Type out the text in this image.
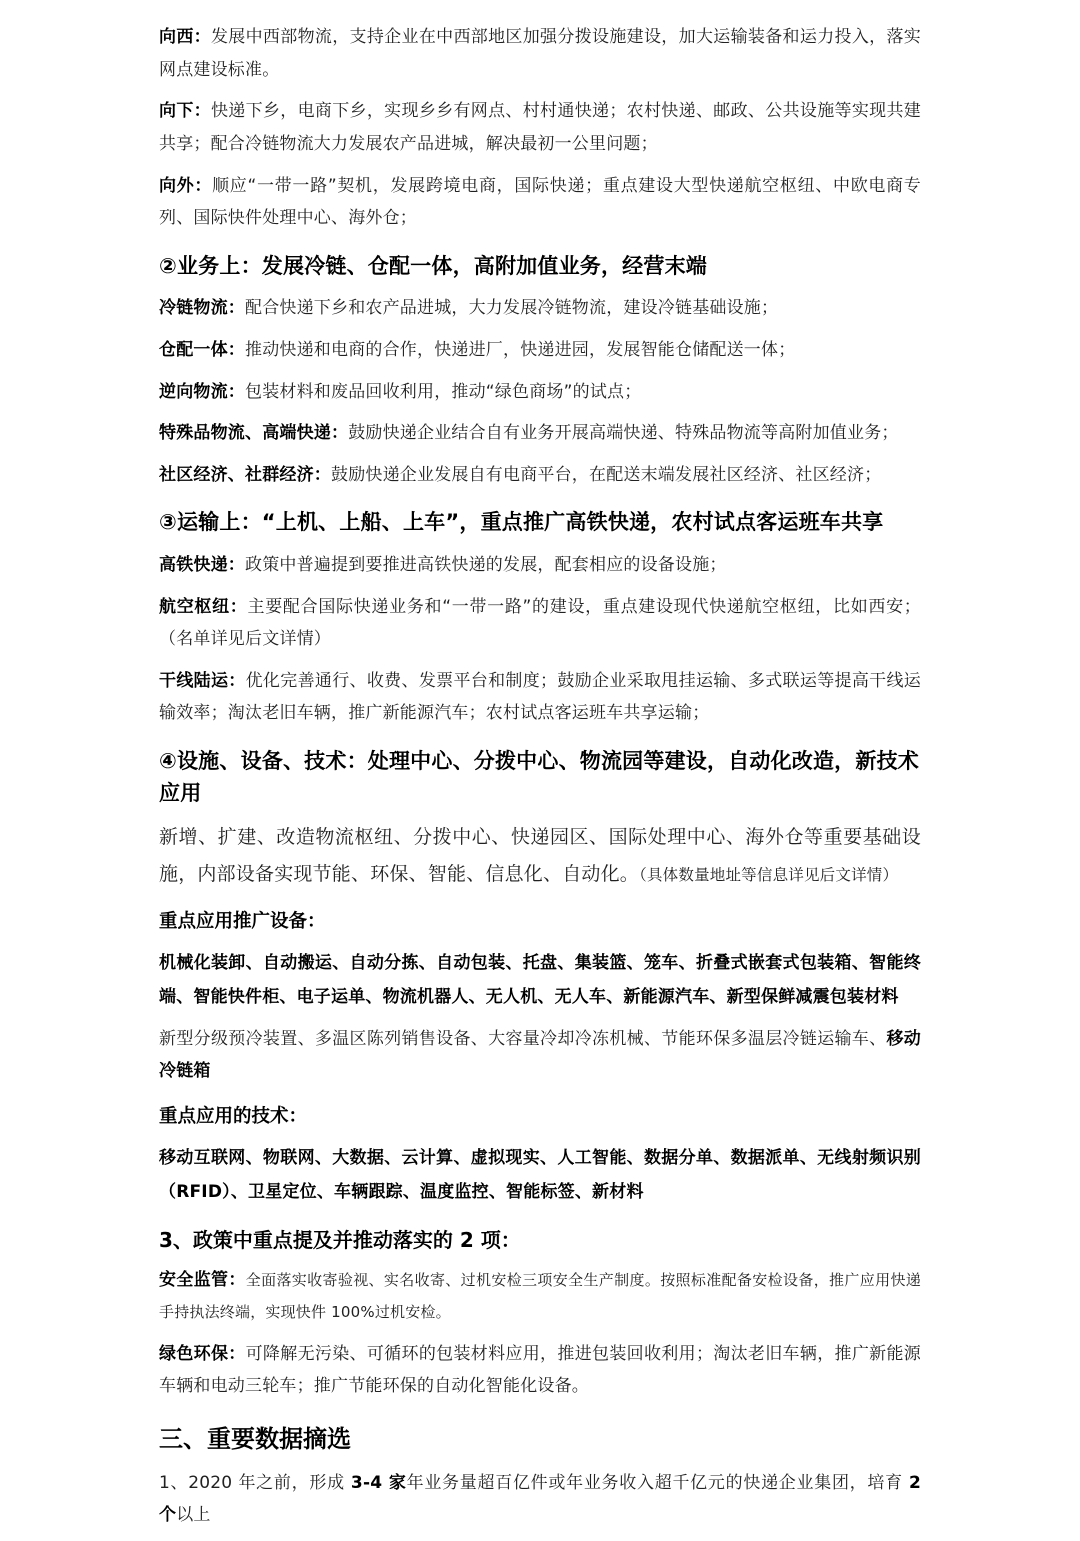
向西：发展中西部物流，支持企业在中西部地区加强分拨设施建设，加大运输装备和运力投入，落实网点建设标准。

向下：快递下乡，电商下乡，实现乡乡有网点、村村通快递；农村快递、邮政、公共设施等实现共建共享；配合冷链物流大力发展农产品进城，解决最初一公里问题；

向外：顺应“一带一路”契机，发展跨境电商，国际快递；重点建设大型快递航空枢纽、中欧电商专列、国际快件处理中心、海外仓；

②业务上：发展冷链、仓配一体，高附加值业务，经营末端

冷链物流：配合快递下乡和农产品进城，大力发展冷链物流，建设冷链基础设施；

仓配一体：推动快递和电商的合作，快递进厂，快递进园，发展智能仓储配送一体；

逆向物流：包装材料和废品回收利用，推动“绿色商场”的试点；

特殊品物流、高端快递：鼓励快递企业结合自有业务开展高端快递、特殊品物流等高附加值业务；

社区经济、社群经济：鼓励快递企业发展自有电商平台，在配送末端发展社区经济、社区经济；

③运输上：“上机、上船、上车”，重点推广高铁快递，农村试点客运班车共享

高铁快递：政策中普遍提到要推进高铁快递的发展，配套相应的设备设施；

航空枢纽：主要配合国际快递业务和“一带一路”的建设，重点建设现代快递航空枢纽，比如西安；（名单详见后文详情）

干线陆运：优化完善通行、收费、发票平台和制度；鼓励企业采取甩挂运输、多式联运等提高干线运输效率；淘汰老旧车辆，推广新能源汽车；农村试点客运班车共享运输；

④设施、设备、技术：处理中心、分拨中心、物流园等建设，自动化改造，新技术应用

新增、扩建、改造物流枢纽、分拨中心、快递园区、国际处理中心、海外仓等重要基础设施，内部设备实现节能、环保、智能、信息化、自动化。（具体数量地址等信息详见后文详情）

重点应用推广设备：

机械化装卸、自动搬运、自动分拣、自动包装、托盘、集装篮、笼车、折叠式嵌套式包装箱、智能终端、智能快件柜、电子运单、物流机器人、无人机、无人车、新能源汽车、新型保鲜减震包装材料

新型分级预冷装置、多温区陈列销售设备、大容量冷却冷冻机械、节能环保多温层冷链运输车、移动冷链箱

重点应用的技术：

移动互联网、物联网、大数据、云计算、虚拟现实、人工智能、数据分单、数据派单、无线射频识别（RFID）、卫星定位、车辆跟踪、温度监控、智能标签、新材料

3、政策中重点提及并推动落实的 2 项：

安全监管：全面落实收寄验视、实名收寄、过机安检三项安全生产制度。按照标准配备安检设备，推广应用快递手持执法终端，实现快件 100%过机安检。

绿色环保：可降解无污染、可循环的包装材料应用，推进包装回收利用；淘汰老旧车辆，推广新能源车辆和电动三轮车；推广节能环保的自动化智能化设备。

三、重要数据摘选

1、2020 年之前，形成 3-4 家年业务量超百亿件或年业务收入超千亿元的快递企业集团，培育 2 个以上
